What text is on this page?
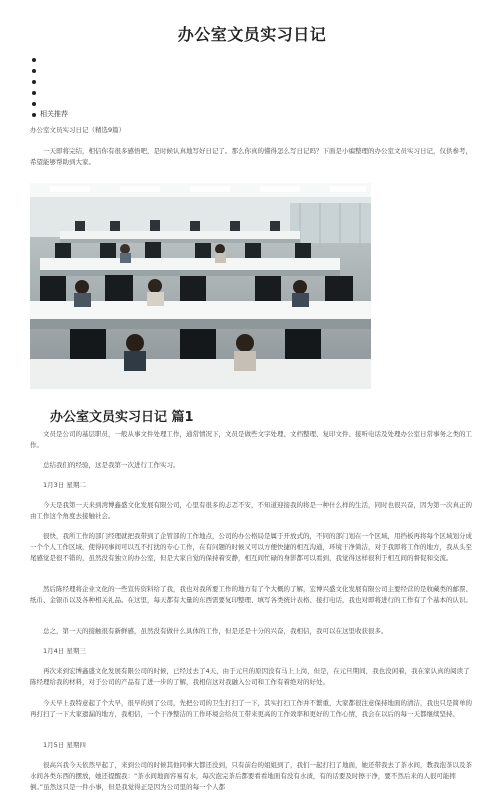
办公室文员实习日记
相关推荐

办公室文员实习日记（精选9篇）

一天即将完结，相信你有很多感悟吧，是时候认真地写好日记了。那么你真的懂得怎么写日记吗？下面是小编整理的办公室文员实习日记，仅供参考，希望能够帮助到大家。

办公室文员实习日记 篇1

文员是公司的基层职员，一般从事文件处理工作，通常情况下，文员是做些文字处理、文档整理、复印文件、接听电话及处理办公室日常事务之类的工作。

总结我们的经验，这是我第一次进行工作实习。

1月3日 星期二

今天是我第一天来到湾博鑫盛文化发展有限公司，心里有很多的忐忑不安，不知道迎接我的将是一种什么样的生活，同时也很兴奋，因为第一次真正的由工作这个角度去接触社会。

很快，我所工作的部门经理就把我带到了企管部的工作地点，公司的办公格局是属于开放式的，不同的部门划在一个区域，用挡板再将每个区域划分成一个个人工作区域，使得同事间可以互不打扰的专心工作，在有问题的时候又可以方便快捷的相互沟通，环境干净简洁，对于我即将工作的地方，我从头至尾感觉是很不错的，虽然没有独立的办公室，但是大家自觉的保持着安静，相互间忙碌的身影都可以看到，我觉得这样很利于相互间的督促和交流。

然后陈经理将企业文化的一些宣传资料给了我，我也对我所要工作的地方有了个大概的了解，宏博兴盛文化发展有限公司主要经营的是收藏类的邮票、纸币、金银币以及各种相关礼品。在这里，每天都有大量的东西需要复印整理、填写各类统计表格、接打电话，我也对即将进行的工作有了个基本的认识。

总之，第一天的接触很有新鲜感，虽然没有做什么具体的工作，但是还是十分的兴奋，我相信，我可以在这里收获很多。

1月4日 星期三

再次来到宏博鑫盛文化发展有限公司的时候，已经过去了4天，由于元旦的原因没有马上上岗，但是，在元旦期间，我也没闲着，我在家认真的阅读了陈经理给我的材料，对于公司的产品有了进一步的了解，我相信这对我融入公司和工作有着绝对的好处。

今天早上我特意起了个大早，很早的到了公司，先把公司的卫生打扫了一下，其实打扫工作并不繁重，大家都很注意保持地面的清洁，我也只是简单的再打扫了一下大家遗漏的地方，我相信，一个干净整洁的工作环境会给员工带来更高的工作效率和更好的工作心情，我会在以后的每一天都继续坚持。

1月5日 星期四

很高兴我今天依然早起了，来到公司的时候其他同事大都还没到，只有前台的姐姐到了，我们一起打扫了地面，她还带我去了茶水间，教我泡茶以及茶水间各类东西的摆放，她还提醒我：“茶水间地面容易有水，每次泡完茶后都要看看地面有没有水渍，有的话要及时擦干净，要不然后来的人很可能摔倒。”虽然这只是一件小事，但是我觉得正是因为公司里的每一个人都
